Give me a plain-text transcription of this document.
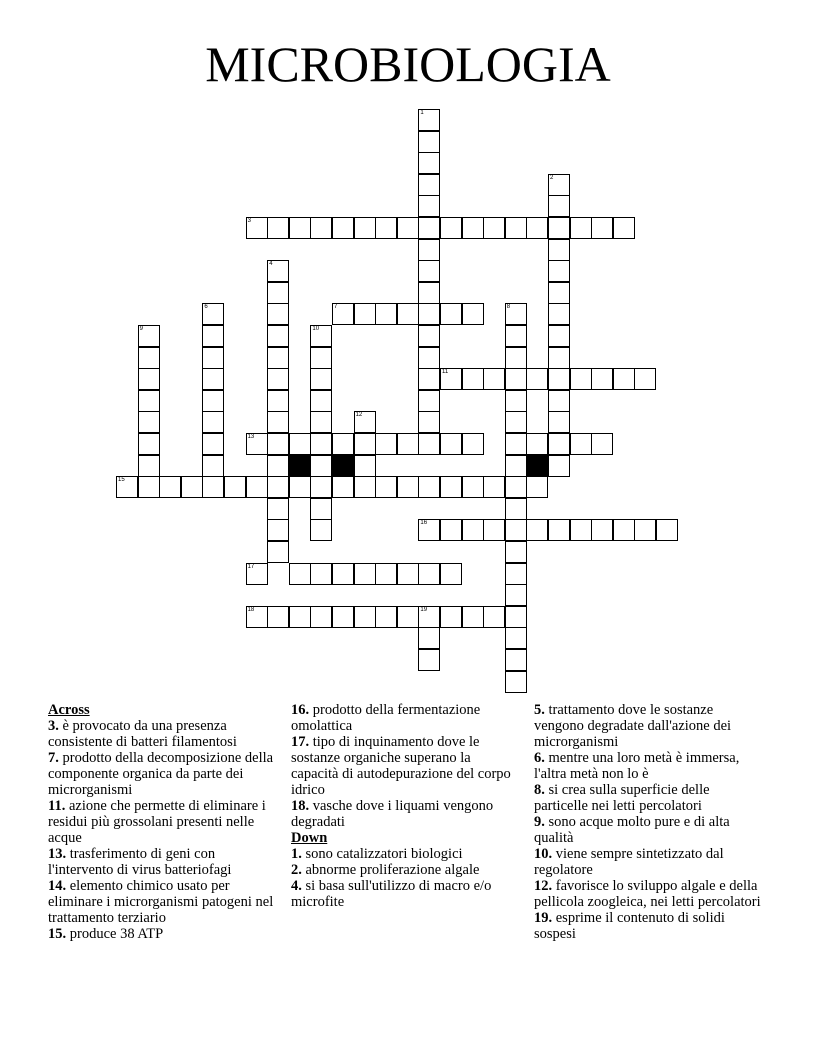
MICROBIOLOGIA
1
2
3
4
6	7	8
9	10
11
12
13
15
16
17
18	19
Across
3. è provocato da una presenza consistente di batteri filamentosi
7. prodotto della decomposizione della componente organica da parte dei microrganismi
11. azione che permette di eliminare i residui più grossolani presenti nelle acque
13. trasferimento di geni con l'intervento di virus batteriofagi
14. elemento chimico usato per eliminare i microrganismi patogeni nel trattamento terziario
15. produce 38 ATP
16. prodotto della fermentazione omolattica
17. tipo di inquinamento dove le sostanze organiche superano la capacità di autodepurazione del corpo idrico
18. vasche dove i liquami vengono degradati
Down
1. sono catalizzatori biologici
2. abnorme proliferazione algale
4. si basa sull'utilizzo di macro e/o microfite
5. trattamento dove le sostanze vengono degradate dall'azione dei microrganismi
6. mentre una loro metà è immersa, l'altra metà non lo è
8. si crea sulla superficie delle particelle nei letti percolatori
9. sono acque molto pure e di alta qualità
10. viene sempre sintetizzato dal regolatore
12. favorisce lo sviluppo algale e della pellicola zoogleica, nei letti percolatori
19. esprime il contenuto di solidi sospesi
